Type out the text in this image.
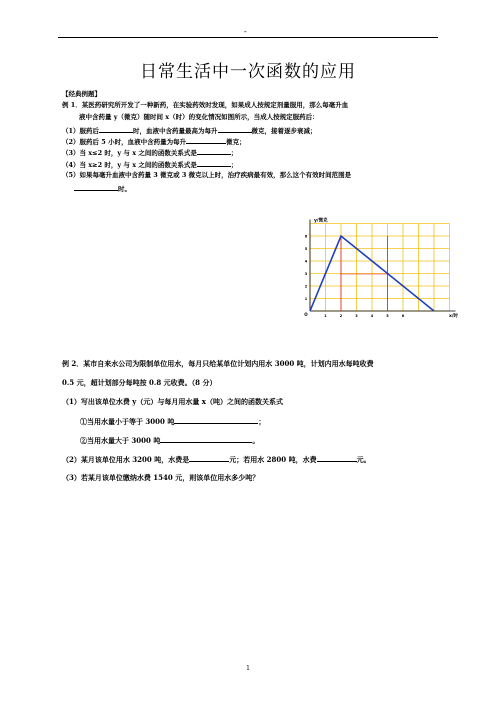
-
日常生活中一次函数的应用
【经典例题】
例 1．某医药研究所开发了一种新药，在实验药效时发现，如果成人按规定剂量服用，那么每毫升血
液中含药量 y（微克）随时间 x（时）的变化情况如图所示，当成人按规定服药后：
（1）服药后	时，血液中含药量最高为每升	微克，接着逐步衰减；
（2）服药后 5 小时，血液中含药量为每升	微克；
（3）当 x≤2 时，y 与 x 之间的函数关系式是	；
（4）当 x≥2 时，y 与 x 之间的函数关系式是	；
（5）如果每毫升血液中含药量 3 微克或 3 微克以上时，治疗疾病最有效，那么这个有效时间范围是
时。
1	2	3	4	5	6
1
2
3
4
5
6
O
y/微克
x/时
例 2．某市自来水公司为限制单位用水，每月只给某单位计划内用水 3000 吨，计划内用水每吨收费
0.5 元，超计划部分每吨按 0.8 元收费。（8 分）
（1）写出该单位水费 y（元）与每月用水量 x（吨）之间的函数关系式
①当用水量小于等于 3000 吨	；
②当用水量大于 3000 吨	。
（2）某月该单位用水 3200 吨，水费是	元；若用水 2800 吨，水费	元。
（3）若某月该单位缴纳水费 1540 元，则该单位用水多少吨？
1
